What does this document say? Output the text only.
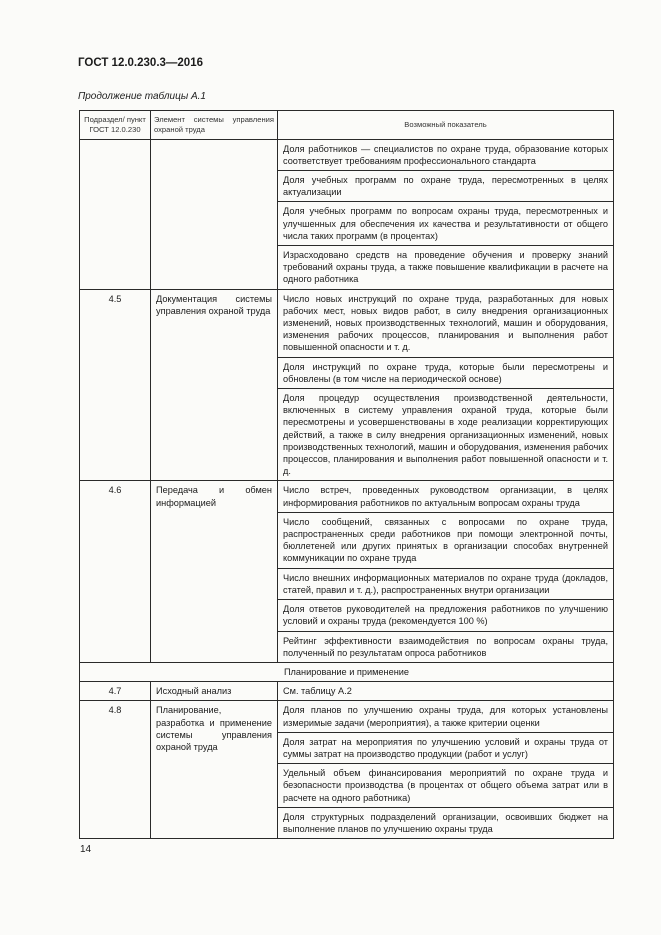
ГОСТ 12.0.230.3—2016
Продолжение таблицы А.1
Подраздел/ пункт ГОСТ 12.0.230	Элемент системы управления охраной труда	Возможный показатель
		Доля работников — специалистов по охране труда, образование которых соответствует требованиям профессионального стандарта
		Доля учебных программ по охране труда, пересмотренных в целях актуализации
		Доля учебных программ по вопросам охраны труда, пересмотренных и улучшенных для обеспечения их качества и результативности от общего числа таких программ (в процентах)
		Израсходовано средств на проведение обучения и проверку знаний требований охраны труда, а также повышение квалификации в расчете на одного работника
4.5	Документация системы управления охраной труда	Число новых инструкций по охране труда, разработанных для новых рабочих мест, новых видов работ, в силу внедрения организационных изменений, новых производственных технологий, машин и оборудования, изменения рабочих процессов, планирования и выполнения работ повышенной опасности и т. д.
		Доля инструкций по охране труда, которые были пересмотрены и обновлены (в том числе на периодической основе)
		Доля процедур осуществления производственной деятельности, включенных в систему управления охраной труда, которые были пересмотрены и усовершенствованы в ходе реализации корректирующих действий, а также в силу внедрения организационных изменений, новых производственных технологий, машин и оборудования, изменения рабочих процессов, планирования и выполнения работ повышенной опасности и т. д.
4.6	Передача и обмен информацией	Число встреч, проведенных руководством организации, в целях информирования работников по актуальным вопросам охраны труда
		Число сообщений, связанных с вопросами по охране труда, распространенных среди работников при помощи электронной почты, бюллетеней или других принятых в организации способах внутренней коммуникации по охране труда
		Число внешних информационных материалов по охране труда (докладов, статей, правил и т. д.), распространенных внутри организации
		Доля ответов руководителей на предложения работников по улучшению условий и охраны труда (рекомендуется 100 %)
		Рейтинг эффективности взаимодействия по вопросам охраны труда, полученный по результатам опроса работников
Планирование и применение		
4.7	Исходный анализ	См. таблицу А.2
4.8	Планирование, разработка и применение системы управления охраной труда	Доля планов по улучшению охраны труда, для которых установлены измеримые задачи (мероприятия), а также критерии оценки
		Доля затрат на мероприятия по улучшению условий и охраны труда от суммы затрат на производство продукции (работ и услуг)
		Удельный объем финансирования мероприятий по охране труда и безопасности производства (в процентах от общего объема затрат или в расчете на одного работника)
		Доля структурных подразделений организации, освоивших бюджет на выполнение планов по улучшению охраны труда
14
